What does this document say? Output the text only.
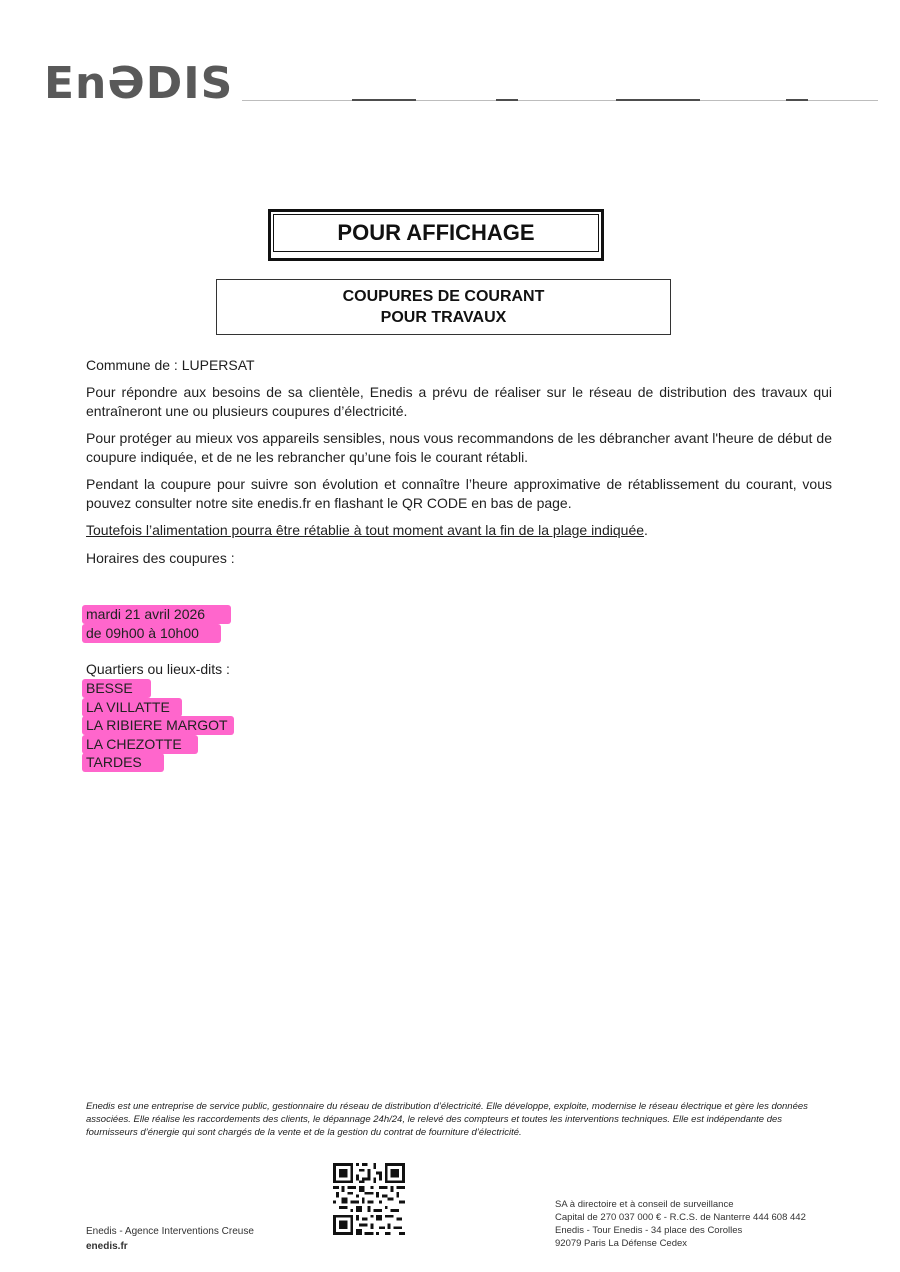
EnƏDIS
POUR AFFICHAGE
COUPURES DE COURANT
POUR TRAVAUX
Commune de : LUPERSAT
Pour répondre aux besoins de sa clientèle, Enedis a prévu de réaliser sur le réseau de distribution des travaux qui entraîneront une ou plusieurs coupures d’électricité.
Pour protéger au mieux vos appareils sensibles, nous vous recommandons de les débrancher avant l'heure de début de coupure indiquée, et de ne les rebrancher qu’une fois le courant rétabli.
Pendant la coupure pour suivre son évolution et connaître l’heure approximative de rétablissement du courant, vous pouvez consulter notre site enedis.fr en flashant le QR CODE en bas de page.
Toutefois l’alimentation pourra être rétablie à tout moment avant la fin de la plage indiquée.
Horaires des coupures :
mardi 21 avril 2026
de 09h00 à 10h00
Quartiers ou lieux-dits :
BESSE
LA VILLATTE
LA RIBIERE MARGOT
LA CHEZOTTE
TARDES
Enedis est une entreprise de service public, gestionnaire du réseau de distribution d’électricité. Elle développe, exploite, modernise le réseau électrique et gère les données associées. Elle réalise les raccordements des clients, le dépannage 24h/24, le relevé des compteurs et toutes les interventions techniques. Elle est indépendante des fournisseurs d’énergie qui sont chargés de la vente et de la gestion du contrat de fourniture d’électricité.
Enedis - Agence Interventions Creuse
enedis.fr
SA à directoire et à conseil de surveillance
Capital de 270 037 000 € - R.C.S. de Nanterre 444 608 442
Enedis - Tour Enedis - 34 place des Corolles
92079 Paris La Défense Cedex
